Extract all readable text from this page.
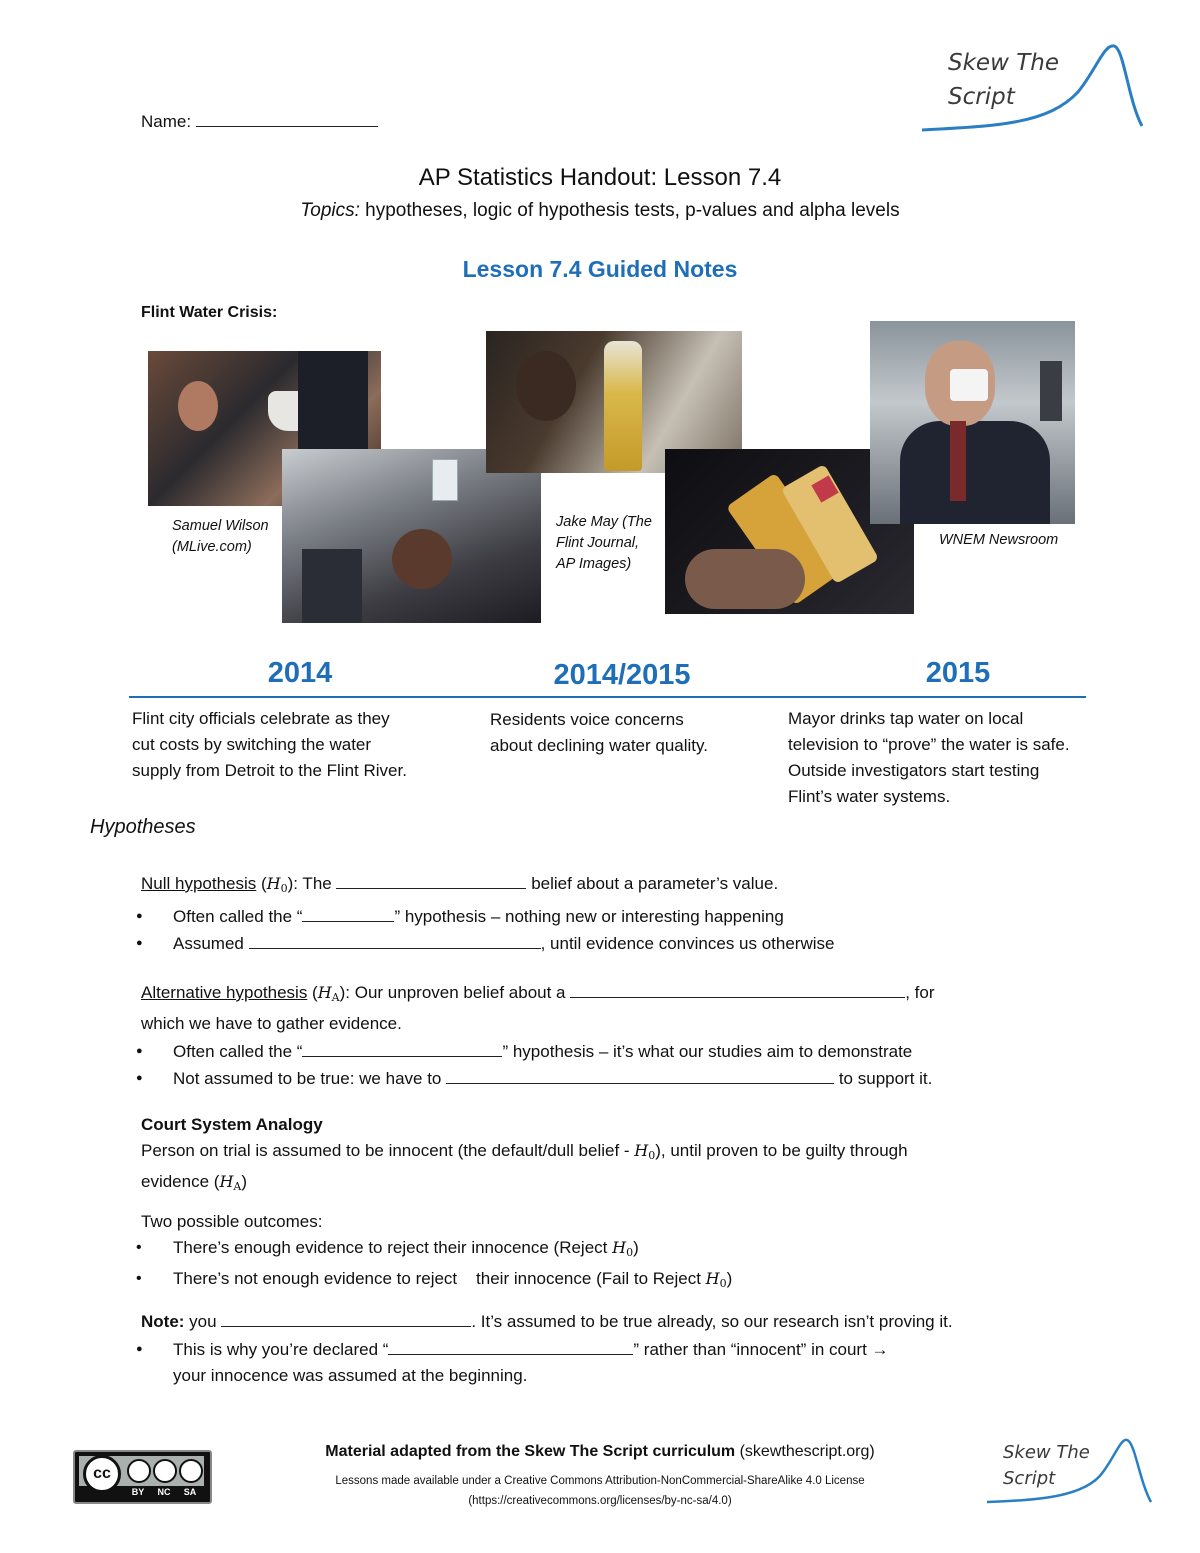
Name:
Skew The
Script
AP Statistics Handout: Lesson 7.4
Topics: hypotheses, logic of hypothesis tests, p-values and alpha levels
Lesson 7.4 Guided Notes
Flint Water Crisis:
Samuel Wilson
(MLive.com)
Jake May (The
Flint Journal,
AP Images)
WNEM Newsroom
2014	2014/2015	2015
Flint city officials celebrate as they
cut costs by switching the water
supply from Detroit to the Flint River.
Residents voice concerns
about declining water quality.
Mayor drinks tap water on local
television to “prove” the water is safe.
Outside investigators start testing
Flint’s water systems.
Hypotheses
Null hypothesis $(H_0)$: The	belief about a parameter’s value.
● Often called the “	” hypothesis – nothing new or interesting happening
● Assumed	, until evidence convinces us otherwise
Alternative hypothesis $(H_A)$: Our unproven belief about a	, for
which we have to gather evidence.
● Often called the “	” hypothesis – it’s what our studies aim to demonstrate
● Not assumed to be true: we have to	to support it.
Court System Analogy
Person on trial is assumed to be innocent (the default/dull belief - $H_0$), until proven to be guilty through
evidence $(H_A)$
Two possible outcomes:
• There’s enough evidence to reject their innocence (Reject $H_0$)
• There’s not enough evidence to reject    their innocence (Fail to Reject $H_0$)
Note: you	. It’s assumed to be true already, so our research isn’t proving it.
● This is why you’re declared “	” rather than “innocent” in court →
your innocence was assumed at the beginning.
cc
BY	NC	SA
Material adapted from the Skew The Script curriculum (skewthescript.org)
Lessons made available under a Creative Commons Attribution-NonCommercial-ShareAlike 4.0 License
(https://creativecommons.org/licenses/by-nc-sa/4.0)
Skew The
Script
